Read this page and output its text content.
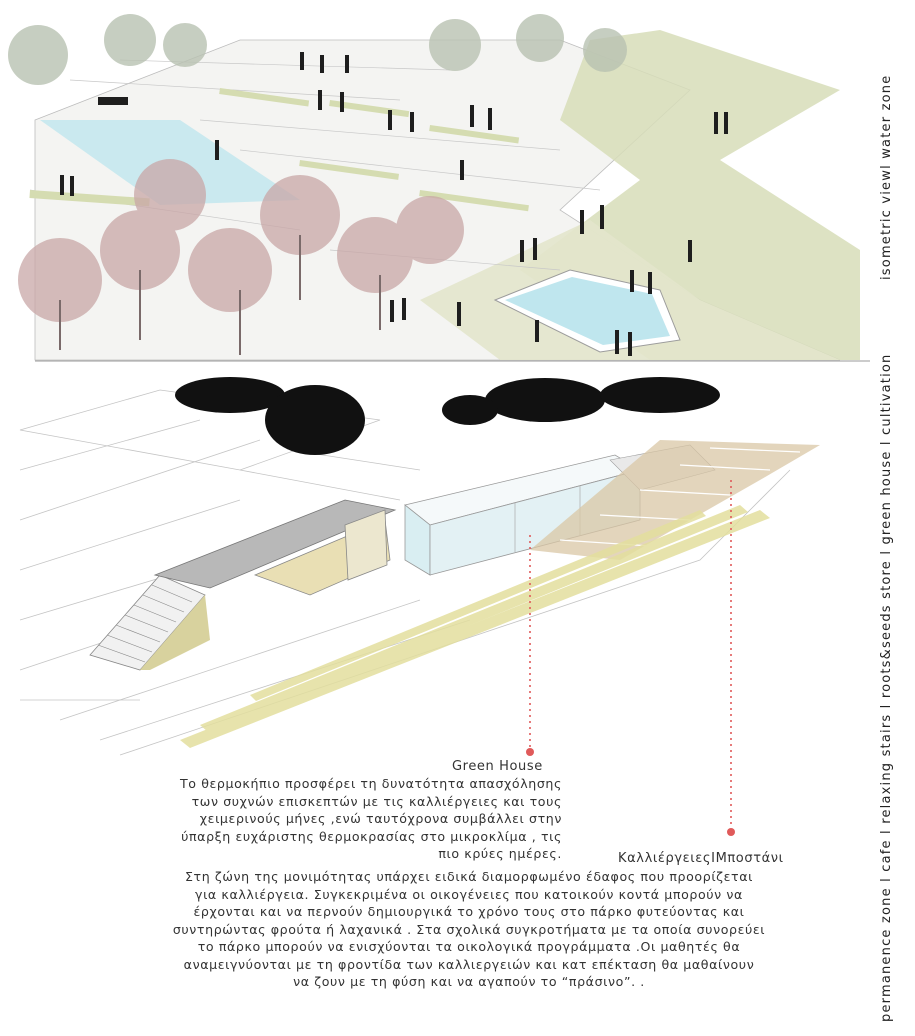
isometric viewl water zone
permanence zone l cafe l relaxing stairs l roots&seeds store l green house l cultivation
Green House
Το θερμοκήπιο προσφέρει τη δυνατότητα απασχόλησης
των συχνών επισκεπτών με τις καλλιέργειες και τους
χειμερινούς μήνες ,ενώ ταυτόχρονα συμβάλλει στην
ύπαρξη ευχάριστης θερμοκρασίας στο μικροκλίμα , τις
πιο κρύες ημέρες.	ΚαλλιέργειεςΙΜποστάνι
Στη ζώνη της μονιμότητας υπάρχει ειδικά διαμορφωμένο έδαφος που προορίζεται
για καλλιέργεια. Συγκεκριμένα οι οικογένειες που κατοικούν κοντά μπορούν να
έρχονται και να περνούν δημιουργικά το χρόνο τους στο πάρκο φυτεύοντας και
συντηρώντας φρούτα ή λαχανικά . Στα σχολικά συγκροτήματα με τα οποία συνορεύει
το πάρκο μπορούν να ενισχύονται τα οικολογικά προγράμματα .Οι μαθητές θα
αναμειγνύονται με τη φροντίδα των καλλιεργειών και κατ επέκταση θα μαθαίνουν
να ζουν με τη φύση και να αγαπούν το “πράσινο”. .
